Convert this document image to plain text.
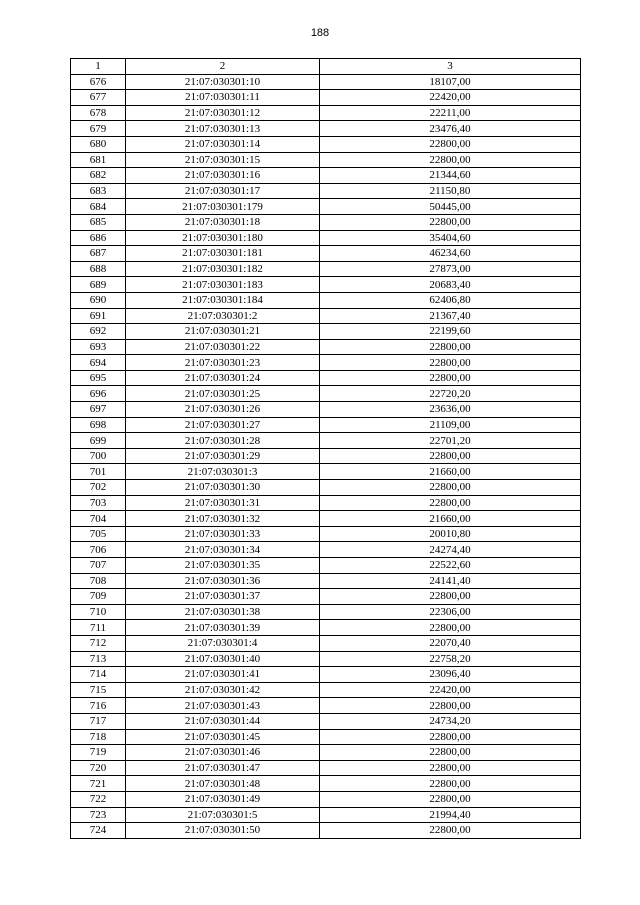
188
1	2	3
676	21:07:030301:10	18107,00
677	21:07:030301:11	22420,00
678	21:07:030301:12	22211,00
679	21:07:030301:13	23476,40
680	21:07:030301:14	22800,00
681	21:07:030301:15	22800,00
682	21:07:030301:16	21344,60
683	21:07:030301:17	21150,80
684	21:07:030301:179	50445,00
685	21:07:030301:18	22800,00
686	21:07:030301:180	35404,60
687	21:07:030301:181	46234,60
688	21:07:030301:182	27873,00
689	21:07:030301:183	20683,40
690	21:07:030301:184	62406,80
691	21:07:030301:2	21367,40
692	21:07:030301:21	22199,60
693	21:07:030301:22	22800,00
694	21:07:030301:23	22800,00
695	21:07:030301:24	22800,00
696	21:07:030301:25	22720,20
697	21:07:030301:26	23636,00
698	21:07:030301:27	21109,00
699	21:07:030301:28	22701,20
700	21:07:030301:29	22800,00
701	21:07:030301:3	21660,00
702	21:07:030301:30	22800,00
703	21:07:030301:31	22800,00
704	21:07:030301:32	21660,00
705	21:07:030301:33	20010,80
706	21:07:030301:34	24274,40
707	21:07:030301:35	22522,60
708	21:07:030301:36	24141,40
709	21:07:030301:37	22800,00
710	21:07:030301:38	22306,00
711	21:07:030301:39	22800,00
712	21:07:030301:4	22070,40
713	21:07:030301:40	22758,20
714	21:07:030301:41	23096,40
715	21:07:030301:42	22420,00
716	21:07:030301:43	22800,00
717	21:07:030301:44	24734,20
718	21:07:030301:45	22800,00
719	21:07:030301:46	22800,00
720	21:07:030301:47	22800,00
721	21:07:030301:48	22800,00
722	21:07:030301:49	22800,00
723	21:07:030301:5	21994,40
724	21:07:030301:50	22800,00
